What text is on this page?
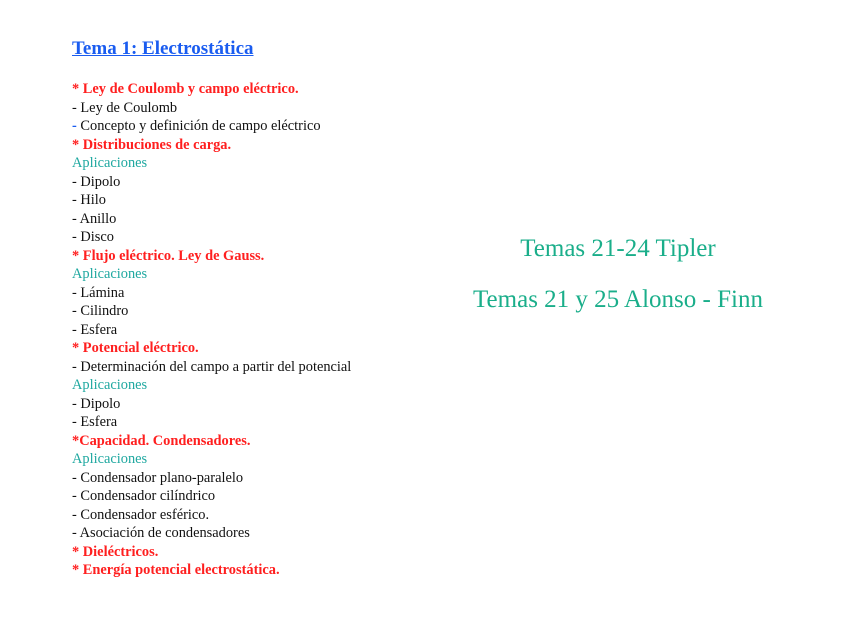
Tema 1: Electrostática
* Ley de Coulomb y campo eléctrico.
- Ley de Coulomb
- Concepto y definición de campo eléctrico
* Distribuciones de carga.
Aplicaciones
- Dipolo
- Hilo
- Anillo
- Disco
* Flujo eléctrico. Ley de Gauss.
Aplicaciones
- Lámina
- Cilindro
- Esfera
* Potencial eléctrico.
- Determinación del campo a partir del potencial
Aplicaciones
- Dipolo
- Esfera
*Capacidad. Condensadores.
Aplicaciones
- Condensador plano-paralelo
- Condensador cilíndrico
- Condensador esférico.
- Asociación de condensadores
* Dieléctricos.
* Energía potencial electrostática.
Temas 21-24 Tipler
Temas 21 y 25 Alonso - Finn
